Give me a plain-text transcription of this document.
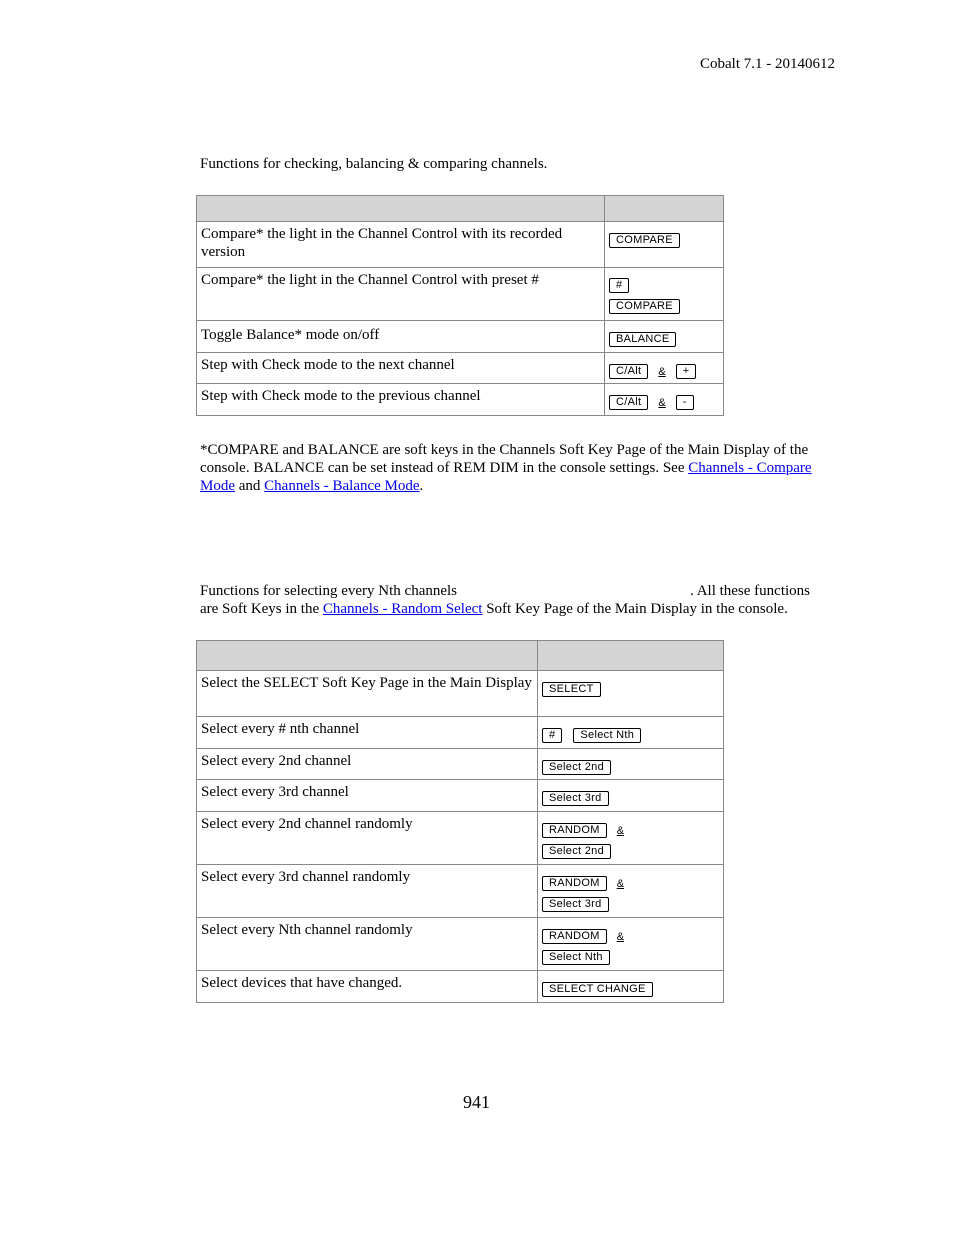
Cobalt 7.1 - 20140612
Functions for checking, balancing & comparing channels.

Compare* the light in the Channel Control with its recorded version	COMPARE

Compare* the light in the Channel Control with preset #	#
COMPARE

Toggle Balance* mode on/off	BALANCE

Step with Check mode to the next channel	C/Alt & +

Step with Check mode to the previous channel	C/Alt & -
*COMPARE and BALANCE are soft keys in the Channels Soft Key Page of the Main Display of the console. BALANCE can be set instead of REM DIM in the console settings. See Channels - Compare Mode and Channels - Balance Mode.
Functions for selecting every Nth channels	. All these functions
are Soft Keys in the Channels - Random Select Soft Key Page of the Main Display in the console.

Select the SELECT Soft Key Page in the Main Display	SELECT

Select every # nth channel	# Select Nth

Select every 2nd channel	Select 2nd

Select every 3rd channel	Select 3rd

Select every 2nd channel randomly	RANDOM &
Select 2nd

Select every 3rd channel randomly	RANDOM &
Select 3rd

Select every Nth channel randomly	RANDOM &
Select Nth

Select devices that have changed.	SELECT CHANGE
941
